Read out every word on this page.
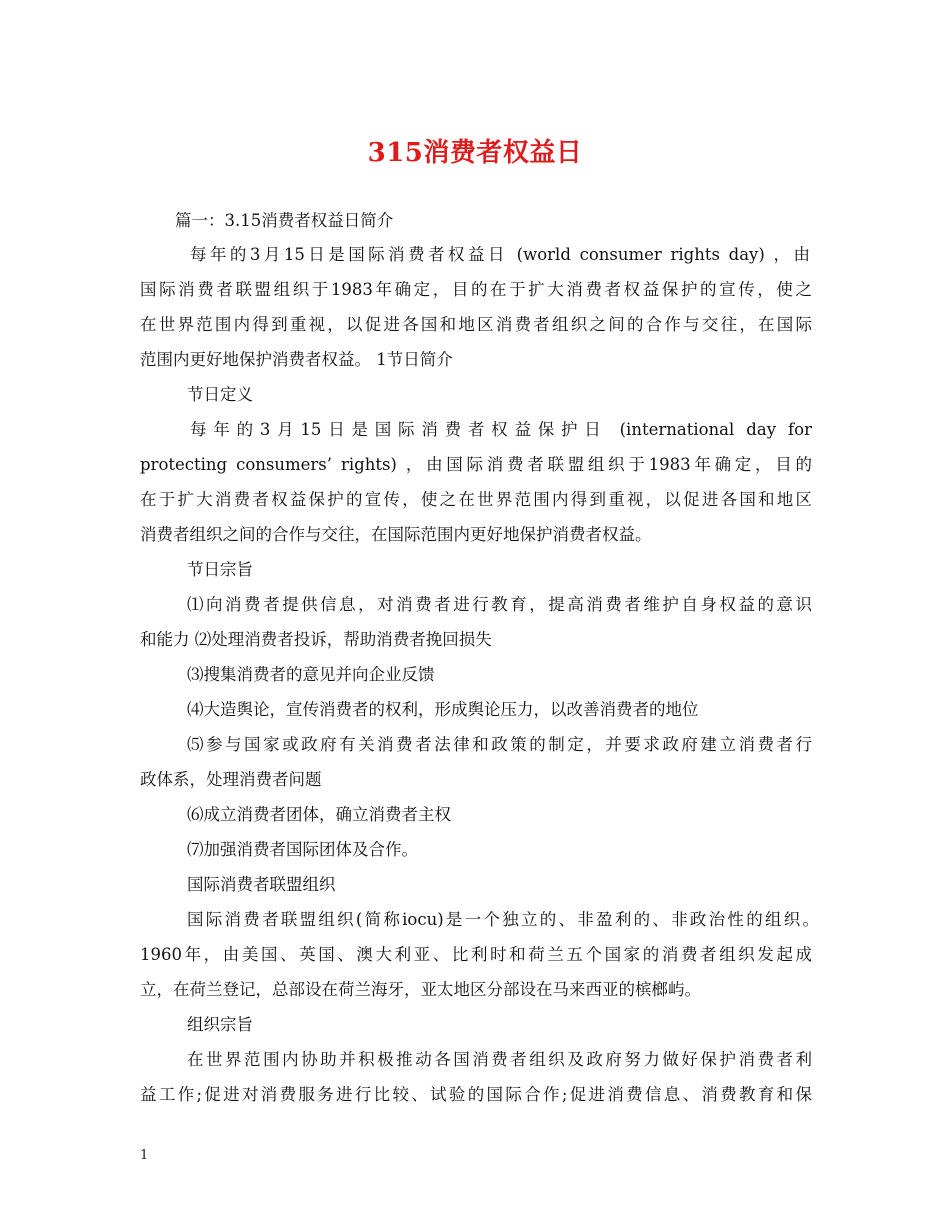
315消费者权益日
篇一：3.15消费者权益日简介
每年的3月15日是国际消费者权益日 (world consumer rights day) ，由
国际消费者联盟组织于1983年确定，目的在于扩大消费者权益保护的宣传，使之
在世界范围内得到重视，以促进各国和地区消费者组织之间的合作与交往，在国际
范围内更好地保护消费者权益。 1节日简介
节日定义
每年的3月15日是国际消费者权益保护日 (international day for
protecting consumers’ rights) ，由国际消费者联盟组织于1983年确定，目的
在于扩大消费者权益保护的宣传，使之在世界范围内得到重视，以促进各国和地区
消费者组织之间的合作与交往，在国际范围内更好地保护消费者权益。
节日宗旨
⑴向消费者提供信息，对消费者进行教育，提高消费者维护自身权益的意识
和能力 ⑵处理消费者投诉，帮助消费者挽回损失
⑶搜集消费者的意见并向企业反馈
⑷大造舆论，宣传消费者的权利，形成舆论压力，以改善消费者的地位
⑸参与国家或政府有关消费者法律和政策的制定，并要求政府建立消费者行
政体系，处理消费者问题
⑹成立消费者团体，确立消费者主权
⑺加强消费者国际团体及合作。
国际消费者联盟组织
国际消费者联盟组织(简称iocu)是一个独立的、非盈利的、非政治性的组织。
1960年，由美国、英国、澳大利亚、比利时和荷兰五个国家的消费者组织发起成
立，在荷兰登记，总部设在荷兰海牙，亚太地区分部设在马来西亚的槟榔屿。
组织宗旨
在世界范围内协助并积极推动各国消费者组织及政府努力做好保护消费者利
益工作;促进对消费服务进行比较、试验的国际合作;促进消费信息、消费教育和保
1
